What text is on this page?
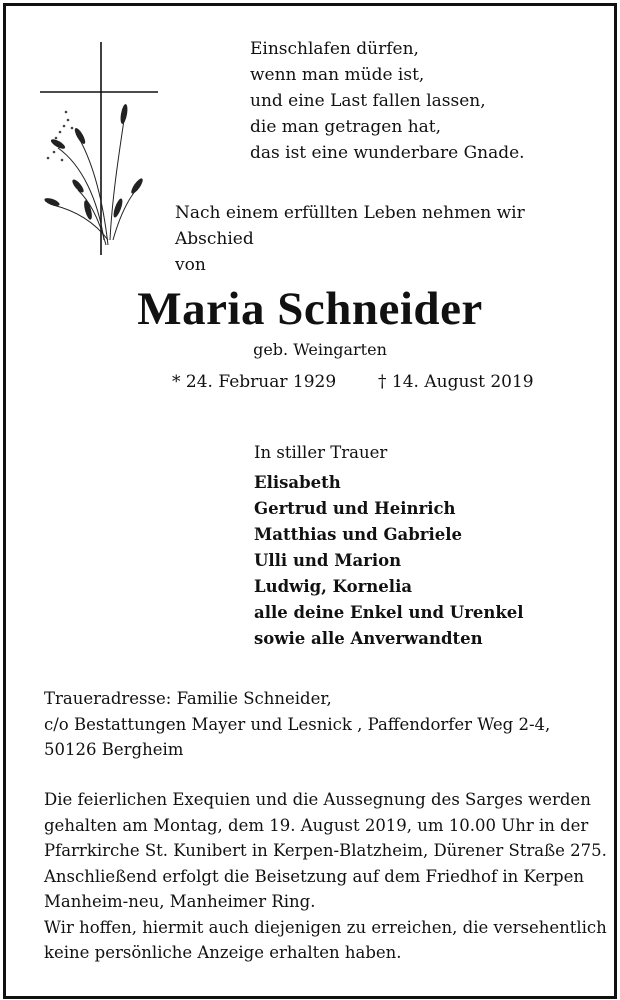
Einschlafen dürfen,
wenn man müde ist,
und eine Last fallen lassen,
die man getragen hat,
das ist eine wunderbare Gnade.
Nach einem erfüllten Leben nehmen wir Abschied
von
Maria Schneider
geb. Weingarten
* 24. Februar 1929 † 14. August 2019
In stiller Trauer
Elisabeth
Gertrud und Heinrich
Matthias und Gabriele
Ulli und Marion
Ludwig, Kornelia
alle deine Enkel und Urenkel
sowie alle Anverwandten
Traueradresse: Familie Schneider,
c/o Bestattungen Mayer und Lesnick , Paffendorfer Weg 2-4,
50126 Bergheim
Die feierlichen Exequien und die Aussegnung des Sarges werden
gehalten am Montag, dem 19. August 2019, um 10.00 Uhr in der
Pfarrkirche St. Kunibert in Kerpen-Blatzheim, Dürener Straße 275.
Anschließend erfolgt die Beisetzung auf dem Friedhof in Kerpen
Manheim-neu, Manheimer Ring.
Wir hoffen, hiermit auch diejenigen zu erreichen, die versehentlich
keine persönliche Anzeige erhalten haben.
